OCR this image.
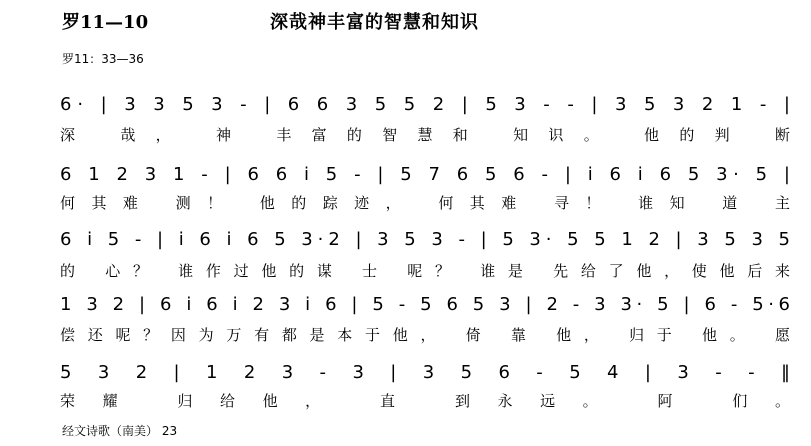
罗11—10	深哉神丰富的智慧和知识
罗11：33—36
6· | 3 3 5 3 - | 6 6 3 5 5 2 | 5 3 - - | 3 5 3 2 1 - |
深 哉， 神 丰富的智慧和 知识。 他的判 断
6 1 2 3 1 - | 6 6 i 5 - | 5 7 6 5 6 - | i 6 i 6 5 3· 5 |
何其难 测！ 他的踪迹， 何其难 寻！ 谁知 道 主
6 i 5 - | i 6 i 6 5 3·2 | 3 5 3 - | 5 3· 5 5 1 2 | 3 5 3 5
的 心？ 谁作过他的谋 士 呢？ 谁是 先给了他，使他后来
1 3 2 | 6 i 6 i 2 3 i 6 | 5 - 5 6 5 3 | 2 - 3 3· 5 | 6 - 5·6
偿还呢？因为万有都是本于他， 倚 靠 他， 归于 他。 愿
5 3 2 | 1 2 3 - 3 | 3 5 6 - 5 4 | 3 - - ‖
荣耀 归给他， 直 到永远。 阿 们。
经文诗歌（南美） 23
